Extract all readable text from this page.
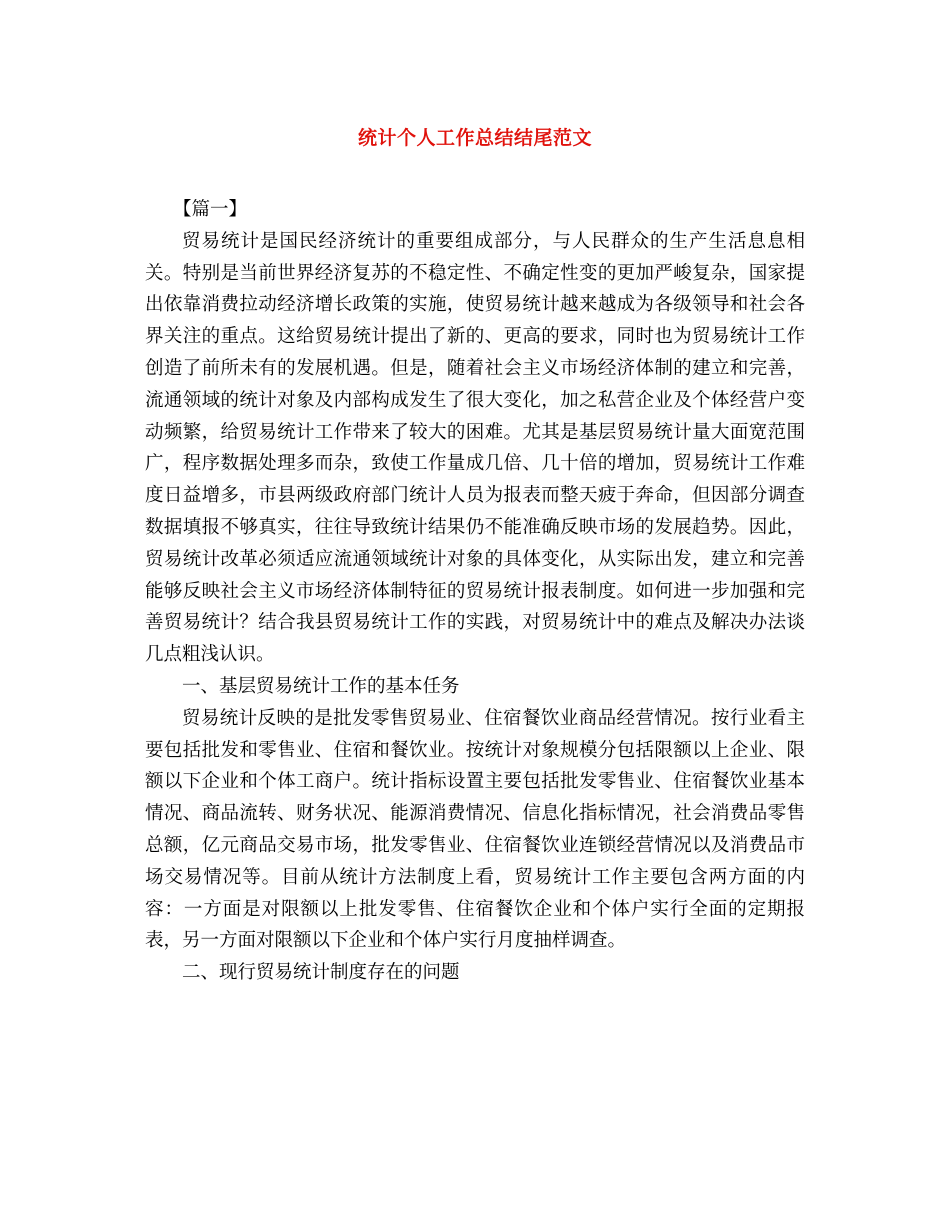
统计个人工作总结结尾范文

【篇一】

贸易统计是国民经济统计的重要组成部分，与人民群众的生产生活息息相关。特别是当前世界经济复苏的不稳定性、不确定性变的更加严峻复杂，国家提出依靠消费拉动经济增长政策的实施，使贸易统计越来越成为各级领导和社会各界关注的重点。这给贸易统计提出了新的、更高的要求，同时也为贸易统计工作创造了前所未有的发展机遇。但是，随着社会主义市场经济体制的建立和完善，流通领域的统计对象及内部构成发生了很大变化，加之私营企业及个体经营户变动频繁，给贸易统计工作带来了较大的困难。尤其是基层贸易统计量大面宽范围广，程序数据处理多而杂，致使工作量成几倍、几十倍的增加，贸易统计工作难度日益增多，市县两级政府部门统计人员为报表而整天疲于奔命，但因部分调查数据填报不够真实，往往导致统计结果仍不能准确反映市场的发展趋势。因此，贸易统计改革必须适应流通领域统计对象的具体变化，从实际出发，建立和完善能够反映社会主义市场经济体制特征的贸易统计报表制度。如何进一步加强和完善贸易统计？结合我县贸易统计工作的实践，对贸易统计中的难点及解决办法谈几点粗浅认识。

一、基层贸易统计工作的基本任务

贸易统计反映的是批发零售贸易业、住宿餐饮业商品经营情况。按行业看主要包括批发和零售业、住宿和餐饮业。按统计对象规模分包括限额以上企业、限额以下企业和个体工商户。统计指标设置主要包括批发零售业、住宿餐饮业基本情况、商品流转、财务状况、能源消费情况、信息化指标情况，社会消费品零售总额，亿元商品交易市场，批发零售业、住宿餐饮业连锁经营情况以及消费品市场交易情况等。目前从统计方法制度上看，贸易统计工作主要包含两方面的内容：一方面是对限额以上批发零售、住宿餐饮企业和个体户实行全面的定期报表，另一方面对限额以下企业和个体户实行月度抽样调查。

二、现行贸易统计制度存在的问题
